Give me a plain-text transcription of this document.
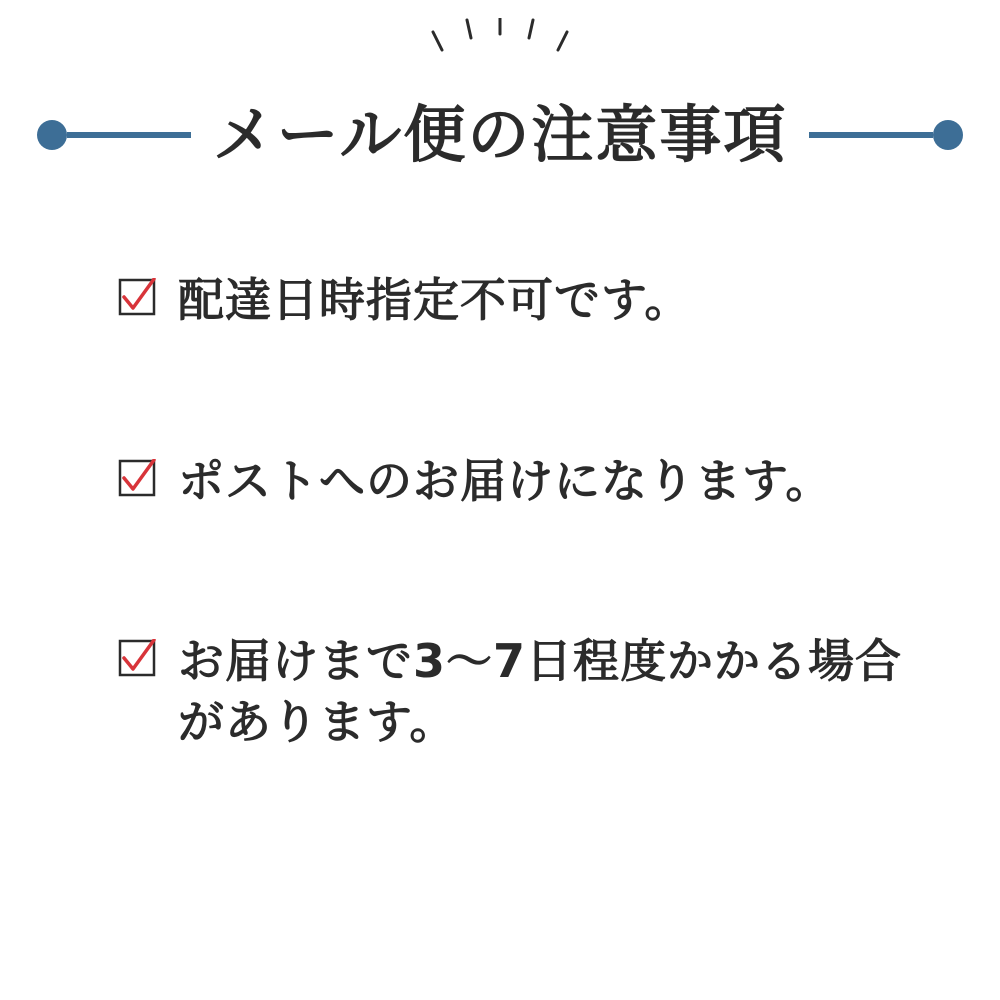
メール便の注意事項
配達日時指定不可です。
ポストへのお届けになります。
お届けまで3〜7日程度かかる場合があります。
